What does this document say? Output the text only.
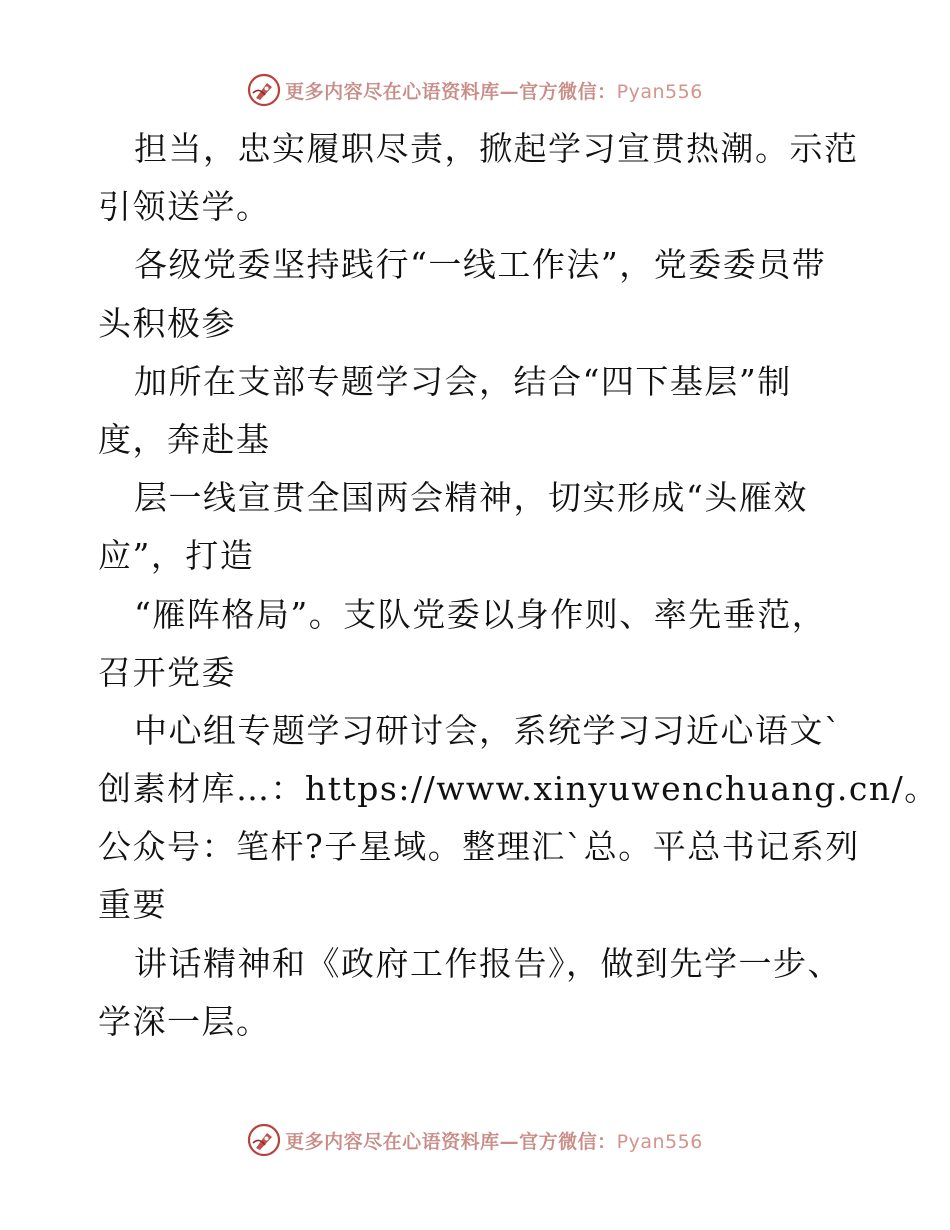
更多内容尽在心语资料库—官方微信：Pyan556
担当，忠实履职尽责，掀起学习宣贯热潮。示范
引领送学。
各级党委坚持践行“一线工作法”，党委委员带
头积极参
加所在支部专题学习会，结合“四下基层”制
度，奔赴基
层一线宣贯全国两会精神，切实形成“头雁效
应”，打造
“雁阵格局”。支队党委以身作则、率先垂范，
召开党委
中心组专题学习研讨会，系统学习习近心语文`
创素材库…：https://www.xinyuwenchuang.cn/。
公众号：笔杆?子星域。整理汇`总。平总书记系列
重要
讲话精神和《政府工作报告》，做到先学一步、
学深一层。
更多内容尽在心语资料库—官方微信：Pyan556
